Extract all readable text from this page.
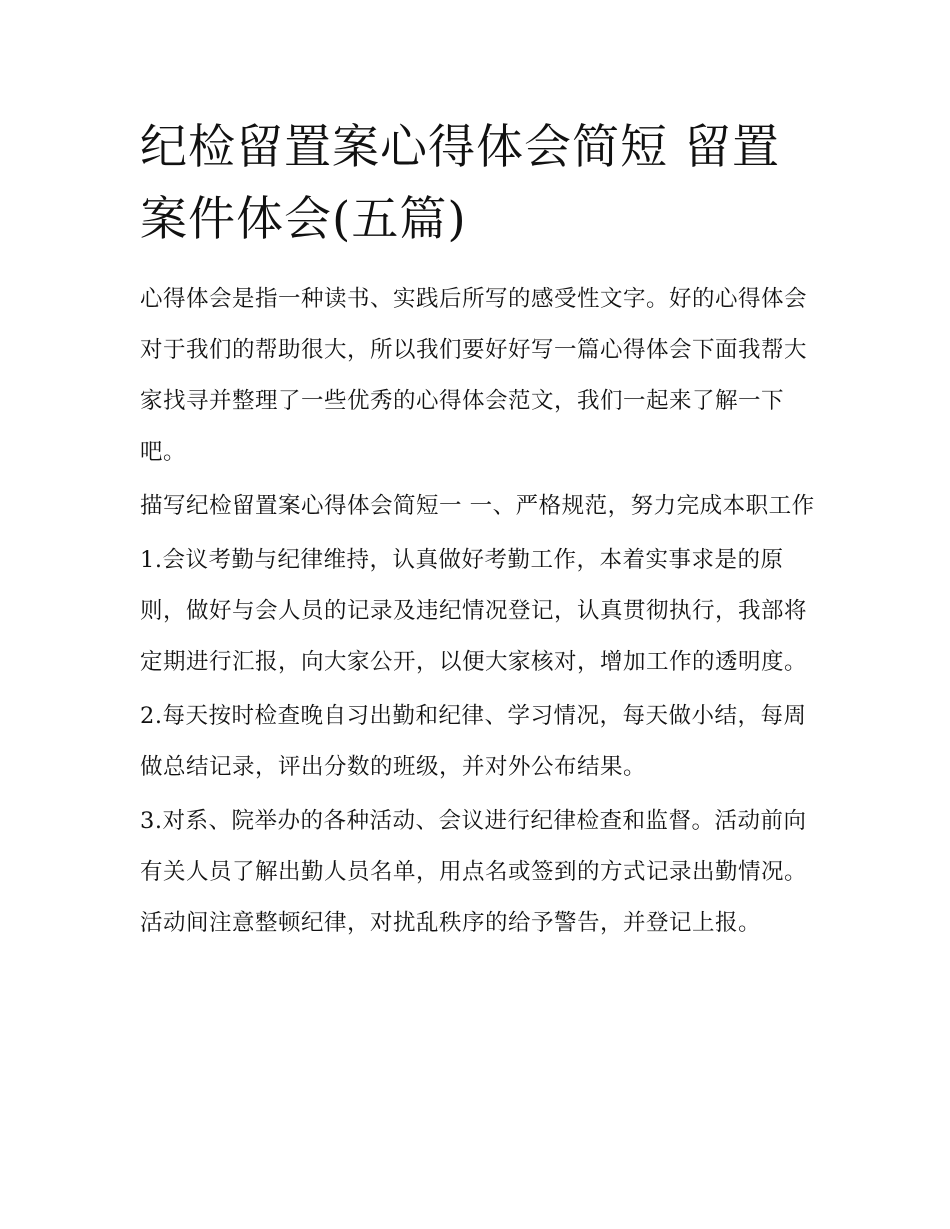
纪检留置案心得体会简短 留置案件体会(五篇)

心得体会是指一种读书、实践后所写的感受性文字。好的心得体会对于我们的帮助很大，所以我们要好好写一篇心得体会下面我帮大家找寻并整理了一些优秀的心得体会范文，我们一起来了解一下吧。

描写纪检留置案心得体会简短一 一、严格规范，努力完成本职工作

1.会议考勤与纪律维持，认真做好考勤工作，本着实事求是的原则，做好与会人员的记录及违纪情况登记，认真贯彻执行，我部将定期进行汇报，向大家公开，以便大家核对，增加工作的透明度。

2.每天按时检查晚自习出勤和纪律、学习情况，每天做小结，每周做总结记录，评出分数的班级，并对外公布结果。

3.对系、院举办的各种活动、会议进行纪律检查和监督。活动前向有关人员了解出勤人员名单，用点名或签到的方式记录出勤情况。活动间注意整顿纪律，对扰乱秩序的给予警告，并登记上报。
